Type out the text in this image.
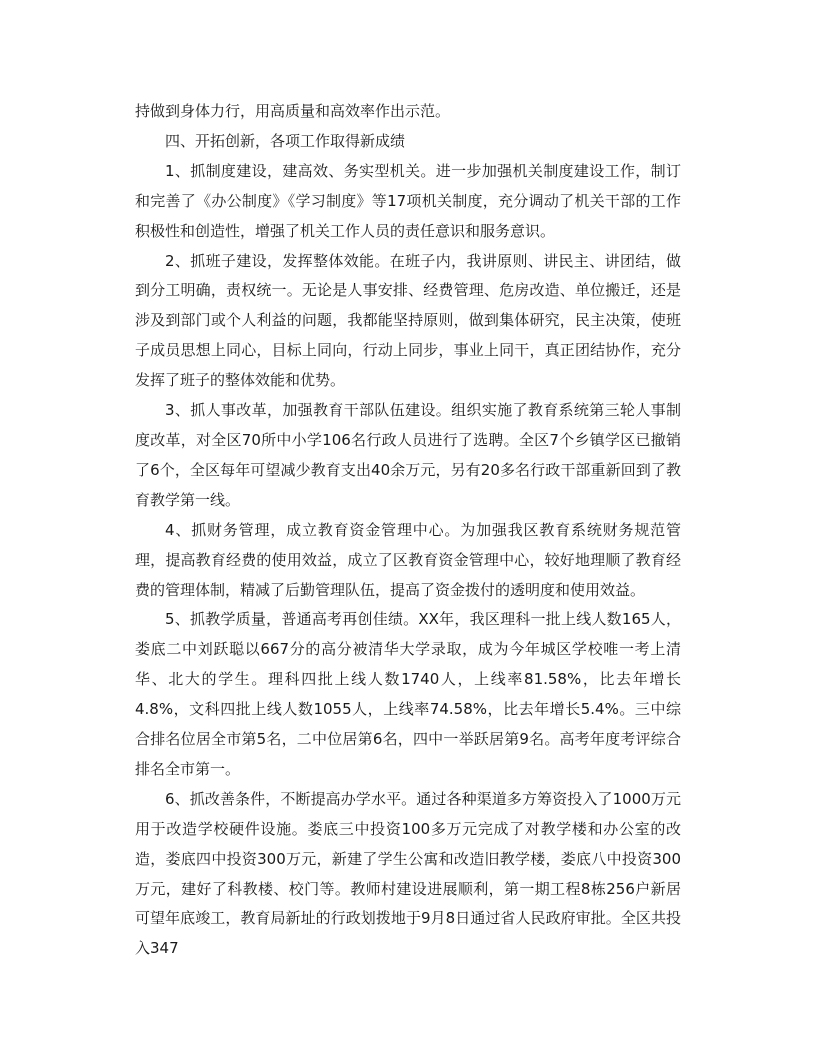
持做到身体力行，用高质量和高效率作出示范。

四、开拓创新，各项工作取得新成绩

1、抓制度建设，建高效、务实型机关。进一步加强机关制度建设工作，制订和完善了《办公制度》《学习制度》等17项机关制度，充分调动了机关干部的工作积极性和创造性，增强了机关工作人员的责任意识和服务意识。

2、抓班子建设，发挥整体效能。在班子内，我讲原则、讲民主、讲团结，做到分工明确，责权统一。无论是人事安排、经费管理、危房改造、单位搬迁，还是涉及到部门或个人利益的问题，我都能坚持原则，做到集体研究，民主决策，使班子成员思想上同心，目标上同向，行动上同步，事业上同干，真正团结协作，充分发挥了班子的整体效能和优势。

3、抓人事改革，加强教育干部队伍建设。组织实施了教育系统第三轮人事制度改革，对全区70所中小学106名行政人员进行了选聘。全区7个乡镇学区已撤销了6个，全区每年可望减少教育支出40余万元，另有20多名行政干部重新回到了教育教学第一线。

4、抓财务管理，成立教育资金管理中心。为加强我区教育系统财务规范管理，提高教育经费的使用效益，成立了区教育资金管理中心，较好地理顺了教育经费的管理体制，精减了后勤管理队伍，提高了资金拨付的透明度和使用效益。

5、抓教学质量，普通高考再创佳绩。XX年，我区理科一批上线人数165人，娄底二中刘跃聪以667分的高分被清华大学录取，成为今年城区学校唯一考上清华、北大的学生。理科四批上线人数1740人，上线率81.58%，比去年增长4.8%，文科四批上线人数1055人，上线率74.58%，比去年增长5.4%。三中综合排名位居全市第5名，二中位居第6名，四中一举跃居第9名。高考年度考评综合排名全市第一。

6、抓改善条件，不断提高办学水平。通过各种渠道多方筹资投入了1000万元用于改造学校硬件设施。娄底三中投资100多万元完成了对教学楼和办公室的改造，娄底四中投资300万元，新建了学生公寓和改造旧教学楼，娄底八中投资300万元，建好了科教楼、校门等。教师村建设进展顺利，第一期工程8栋256户新居可望年底竣工，教育局新址的行政划拨地于9月8日通过省人民政府审批。全区共投入347
